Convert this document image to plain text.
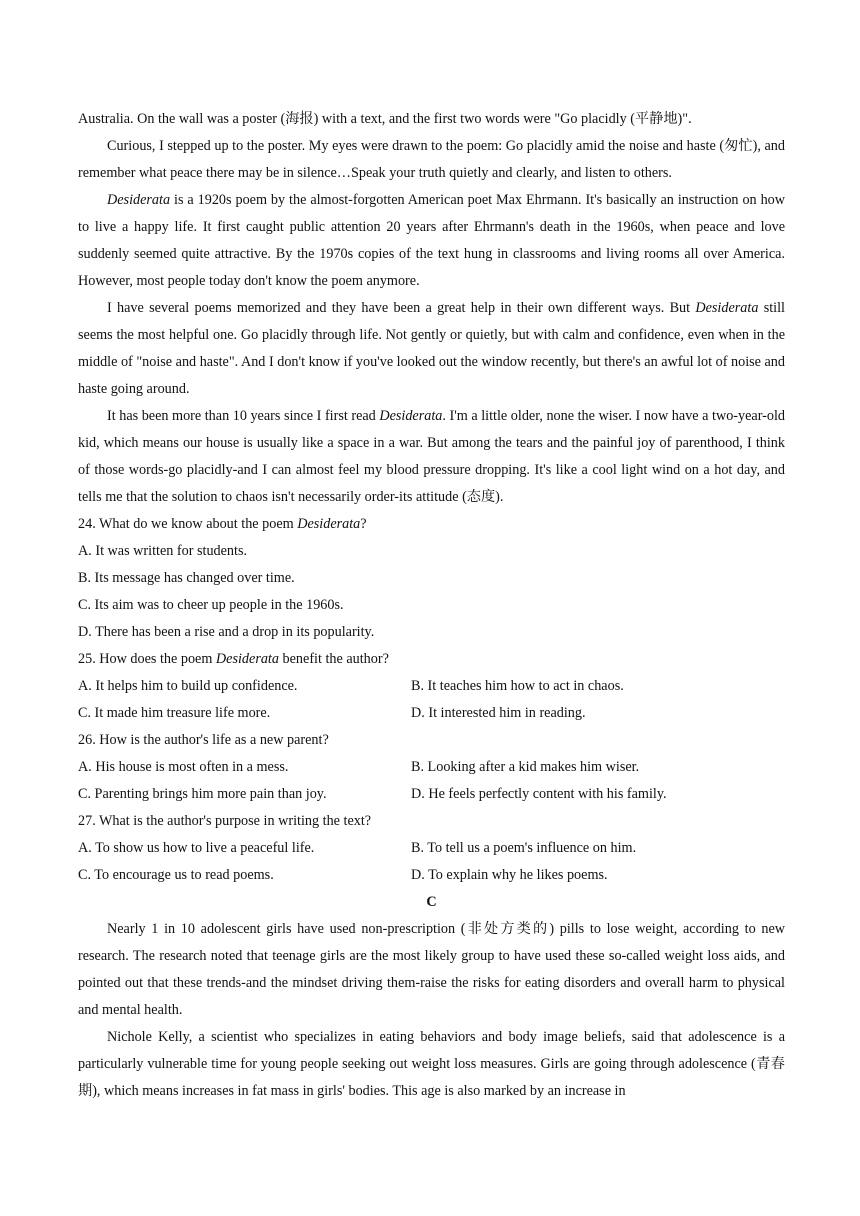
Australia. On the wall was a poster (海报) with a text, and the first two words were "Go placidly (平静地)".

Curious, I stepped up to the poster. My eyes were drawn to the poem: Go placidly amid the noise and haste (匆忙), and remember what peace there may be in silence…Speak your truth quietly and clearly, and listen to others.

Desiderata is a 1920s poem by the almost-forgotten American poet Max Ehrmann. It's basically an instruction on how to live a happy life. It first caught public attention 20 years after Ehrmann's death in the 1960s, when peace and love suddenly seemed quite attractive. By the 1970s copies of the text hung in classrooms and living rooms all over America. However, most people today don't know the poem anymore.

I have several poems memorized and they have been a great help in their own different ways. But Desiderata still seems the most helpful one. Go placidly through life. Not gently or quietly, but with calm and confidence, even when in the middle of "noise and haste". And I don't know if you've looked out the window recently, but there's an awful lot of noise and haste going around.

It has been more than 10 years since I first read Desiderata. I'm a little older, none the wiser. I now have a two-year-old kid, which means our house is usually like a space in a war. But among the tears and the painful joy of parenthood, I think of those words-go placidly-and I can almost feel my blood pressure dropping. It's like a cool light wind on a hot day, and tells me that the solution to chaos isn't necessarily order-its attitude (态度).

24. What do we know about the poem Desiderata?

A. It was written for students.

B. Its message has changed over time.

C. Its aim was to cheer up people in the 1960s.

D. There has been a rise and a drop in its popularity.

25. How does the poem Desiderata benefit the author?

A. It helps him to build up confidence.	B. It teaches him how to act in chaos.
C. It made him treasure life more.	D. It interested him in reading.

26. How is the author's life as a new parent?

A. His house is most often in a mess.	B. Looking after a kid makes him wiser.
C. Parenting brings him more pain than joy.	D. He feels perfectly content with his family.

27. What is the author's purpose in writing the text?

A. To show us how to live a peaceful life.	B. To tell us a poem's influence on him.
C. To encourage us to read poems.	D. To explain why he likes poems.
C

Nearly 1 in 10 adolescent girls have used non-prescription (非处方类的) pills to lose weight, according to new research. The research noted that teenage girls are the most likely group to have used these so-called weight loss aids, and pointed out that these trends-and the mindset driving them-raise the risks for eating disorders and overall harm to physical and mental health.

Nichole Kelly, a scientist who specializes in eating behaviors and body image beliefs, said that adolescence is a particularly vulnerable time for young people seeking out weight loss measures. Girls are going through adolescence (青春期), which means increases in fat mass in girls' bodies. This age is also marked by an increase in
